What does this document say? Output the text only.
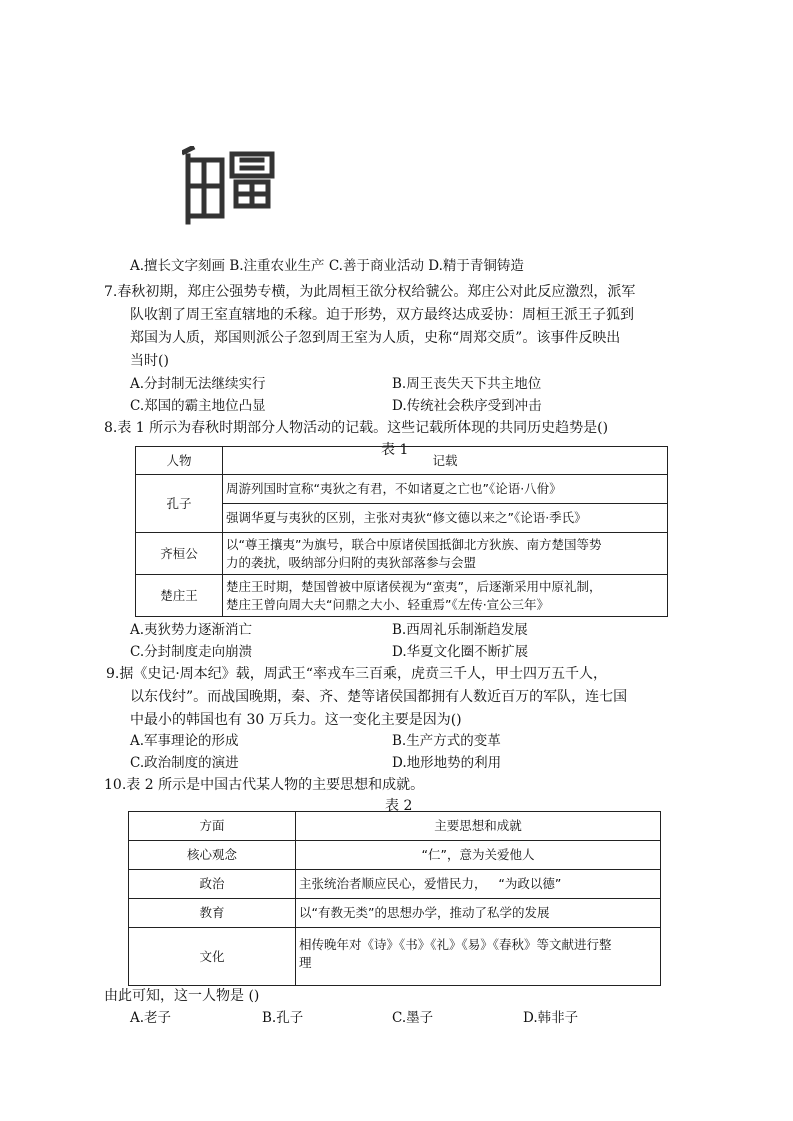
A.擅长文字刻画 B.注重农业生产 C.善于商业活动 D.精于青铜铸造
7.春秋初期，郑庄公强势专横，为此周桓王欲分权给虢公。郑庄公对此反应激烈，派军
队收割了周王室直辖地的禾稼。迫于形势，双方最终达成妥协：周桓王派王子狐到
郑国为人质，郑国则派公子忽到周王室为人质，史称“周郑交质”。该事件反映出
当时()
A.分封制无法继续实行	B.周王丧失天下共主地位
C.郑国的霸主地位凸显	D.传统社会秩序受到冲击
8.表 1 所示为春秋时期部分人物活动的记载。这些记载所体现的共同历史趋势是()
表 1
人物	记载
孔子	周游列国时宣称“夷狄之有君，不如诸夏之亡也”《论语·八佾》
强调华夏与夷狄的区别，主张对夷狄“修文德以来之”《论语·季氏》

齐桓公	以“尊王攘夷”为旗号，联合中原诸侯国抵御北方狄族、南方楚国等势
力的袭扰，吸纳部分归附的夷狄部落参与会盟

楚庄王	楚庄王时期，楚国曾被中原诸侯视为“蛮夷”，后逐渐采用中原礼制，
楚庄王曾向周大夫“问鼎之大小、轻重焉”《左传·宣公三年》
A.夷狄势力逐渐消亡	B.西周礼乐制渐趋发展
C.分封制度走向崩溃	D.华夏文化圈不断扩展
9.据《史记·周本纪》载，周武王“率戎车三百乘，虎贲三千人，甲士四万五千人，
以东伐纣”。而战国晚期，秦、齐、楚等诸侯国都拥有人数近百万的军队，连七国
中最小的韩国也有 30 万兵力。这一变化主要是因为()
A.军事理论的形成	B.生产方式的变革
C.政治制度的演进	D.地形地势的利用
10.表 2 所示是中国古代某人物的主要思想和成就。
表 2
方面	主要思想和成就
核心观念	“仁”，意为关爱他人
政治	主张统治者顺应民心，爱惜民力，   “为政以德”
教育	以“有教无类”的思想办学，推动了私学的发展
文化	相传晚年对《诗》《书》《礼》《易》《春秋》等文献进行整
理
由此可知，这一人物是 ()
A.老子	B.孔子	C.墨子	D.韩非子
